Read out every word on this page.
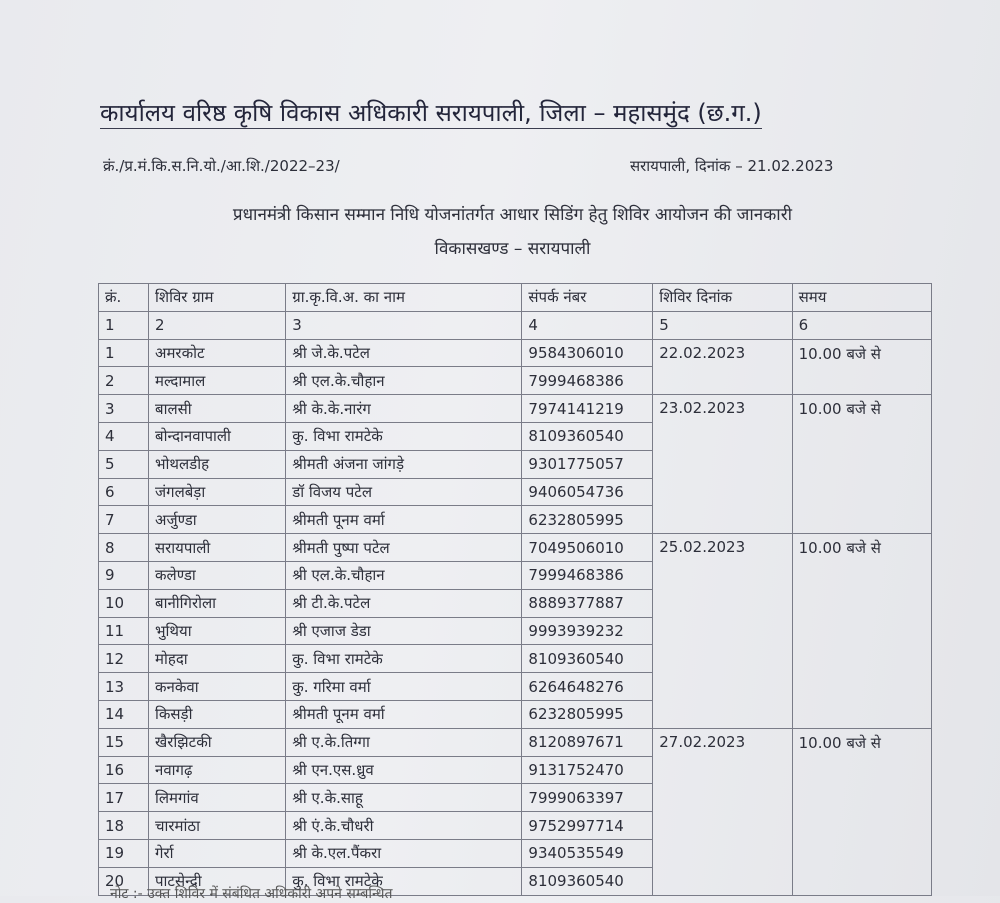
कार्यालय वरिष्ठ कृषि विकास अधिकारी सरायपाली, जिला – महासमुंद (छ.ग.)
क्रं./प्र.मं.कि.स.नि.यो./आ.शि./2022–23/	सरायपाली, दिनांक – 21.02.2023
प्रधानमंत्री किसान सम्मान निधि योजनांतर्गत आधार सिडिंग हेतु शिविर आयोजन की जानकारी
विकासखण्ड – सरायपाली
क्रं.	शिविर ग्राम	ग्रा.कृ.वि.अ. का नाम	संपर्क नंबर	शिविर दिनांक	समय
1	2	3	4	5	6
1	अमरकोट	श्री जे.के.पटेल	9584306010	22.02.2023	10.00 बजे से
2	मल्दामाल	श्री एल.के.चौहान	7999468386		
3	बालसी	श्री के.के.नारंग	7974141219	23.02.2023	10.00 बजे से
4	बोन्दानवापाली	कु. विभा रामटेके	8109360540		
5	भोथलडीह	श्रीमती अंजना जांगड़े	9301775057		
6	जंगलबेड़ा	डॉ विजय पटेल	9406054736		
7	अर्जुण्डा	श्रीमती पूनम वर्मा	6232805995		
8	सरायपाली	श्रीमती पुष्पा पटेल	7049506010	25.02.2023	10.00 बजे से
9	कलेण्डा	श्री एल.के.चौहान	7999468386		
10	बानीगिरोला	श्री टी.के.पटेल	8889377887		
11	भुथिया	श्री एजाज डेडा	9993939232		
12	मोहदा	कु. विभा रामटेके	8109360540		
13	कनकेवा	कु. गरिमा वर्मा	6264648276		
14	किसड़ी	श्रीमती पूनम वर्मा	6232805995		
15	खैरझिटकी	श्री ए.के.तिग्गा	8120897671	27.02.2023	10.00 बजे से
16	नवागढ़	श्री एन.एस.ध्रुव	9131752470		
17	लिमगांव	श्री ए.के.साहू	7999063397		
18	चारमांठा	श्री एं.के.चौधरी	9752997714		
19	गेर्रा	श्री के.एल.पैंकरा	9340535549		
20	पाटसेन्द्री	कु. विभा रामटेके	8109360540		
नोट :- उक्त शिविर में संबंधित अधिकारी अपने सम्बन्धित
